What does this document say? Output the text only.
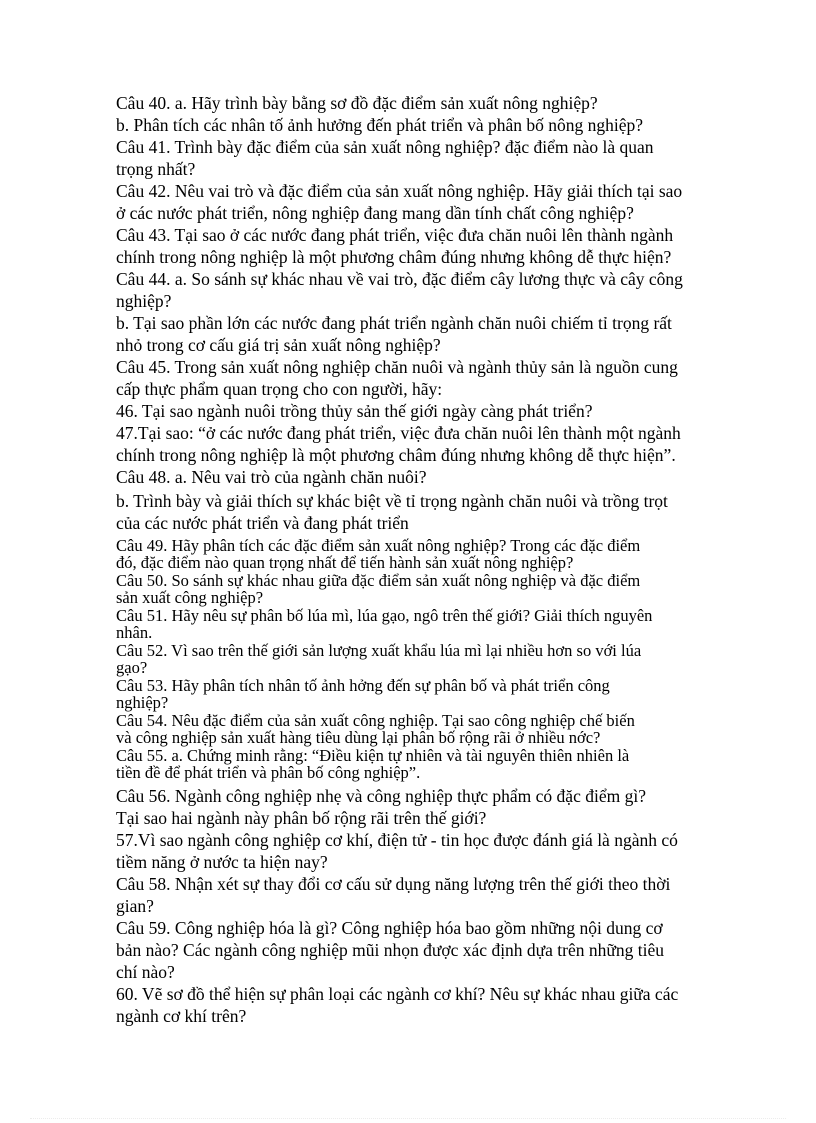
Câu 40. a. Hãy trình bày bằng sơ đồ đặc điểm sản xuất nông nghiệp?

b. Phân tích các nhân tố ảnh hưởng đến phát triển và phân bố nông nghiệp?

Câu 41. Trình bày đặc điểm của sản xuất nông nghiệp? đặc điểm nào là quan

trọng nhất?

Câu 42. Nêu vai trò và đặc điểm của sản xuất nông nghiệp. Hãy giải thích tại sao

ở các nước phát triển, nông nghiệp đang mang dần tính chất công nghiệp?

Câu 43. Tại sao ở các nước đang phát triển, việc đưa chăn nuôi lên thành ngành

chính trong nông nghiệp là một phương châm đúng nhưng không dễ thực hiện?

Câu 44. a. So sánh sự khác nhau về vai trò, đặc điểm cây lương thực và cây công

nghiệp?

b. Tại sao phần lớn các nước đang phát triển ngành chăn nuôi chiếm tỉ trọng rất

nhỏ trong cơ cấu giá trị sản xuất nông nghiệp?

Câu 45. Trong sản xuất nông nghiệp chăn nuôi và ngành thủy sản là nguồn cung

cấp thực phẩm quan trọng cho con người, hãy:

46. Tại sao ngành nuôi trồng thủy sản thế giới ngày càng phát triển?

47.Tại sao: “ở các nước đang phát triển, việc đưa chăn nuôi lên thành một ngành

chính trong nông nghiệp là một phương châm đúng nhưng không dễ thực hiện”.

Câu 48. a. Nêu vai trò của ngành chăn nuôi?

b. Trình bày và giải thích sự khác biệt về tỉ trọng ngành chăn nuôi và trồng trọt

của các nước phát triển và đang phát triển

Câu 49. Hãy phân tích các đặc điểm sản xuất nông nghiệp? Trong các đặc điểm

đó, đặc điểm nào quan trọng nhất để tiến hành sản xuất nông nghiệp?

Câu 50. So sánh sự khác nhau giữa đặc điểm sản xuất nông nghiệp và đặc điểm

sản xuất công nghiệp?

Câu 51. Hãy nêu sự phân bố lúa mì, lúa gạo, ngô trên thế giới? Giải thích nguyên

nhân.

Câu 52. Vì sao trên thế giới sản lượng xuất khẩu lúa mì lại nhiều hơn so với lúa

gạo?

Câu 53. Hãy phân tích nhân tố ảnh hởng đến sự phân bố và phát triển công

nghiệp?

Câu 54. Nêu đặc điểm của sản xuất công nghiệp. Tại sao công nghiệp chế biến

và công nghiệp sản xuất hàng tiêu dùng lại phân bố rộng rãi ở nhiều nớc?

Câu 55. a. Chứng minh rằng: “Điều kiện tự nhiên và tài nguyên thiên nhiên là

tiền đề để phát triển và phân bố công nghiệp”.

Câu 56. Ngành công nghiệp nhẹ và công nghiệp thực phẩm có đặc điểm gì?

Tại sao hai ngành này phân bố rộng rãi trên thế giới?

57.Vì sao ngành công nghiệp cơ khí, điện tử - tin học được đánh giá là ngành có

tiềm năng ở nước ta hiện nay?

Câu 58. Nhận xét sự thay đổi cơ cấu sử dụng năng lượng trên thế giới theo thời

gian?

Câu 59. Công nghiệp hóa là gì? Công nghiệp hóa bao gồm những nội dung cơ

bản nào? Các ngành công nghiệp mũi nhọn được xác định dựa trên những tiêu

chí nào?

60. Vẽ sơ đồ thể hiện sự phân loại các ngành cơ khí? Nêu sự khác nhau giữa các

ngành cơ khí trên?
